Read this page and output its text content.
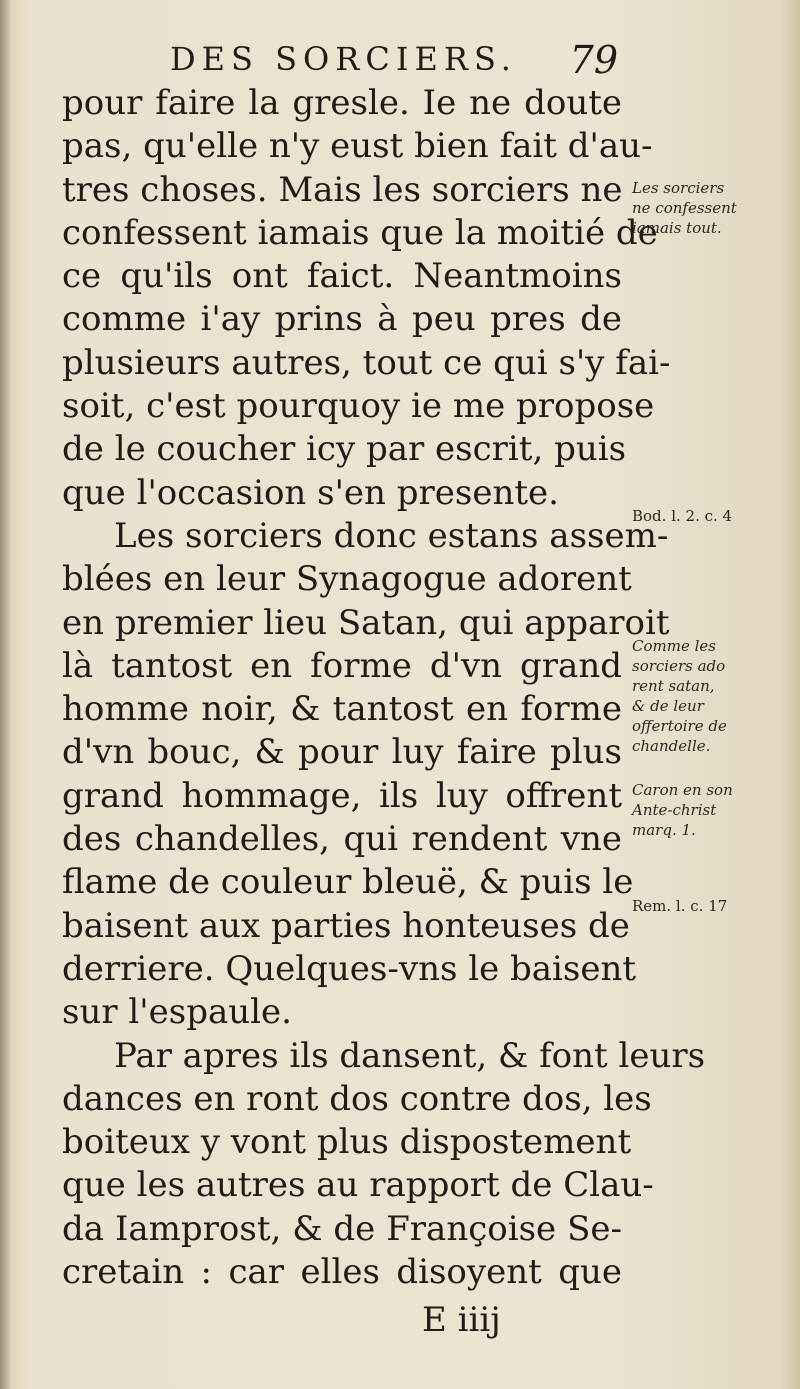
DES SORCIERS. 79
pour faire la gresle. Ie ne doute
pas, qu'elle n'y eust bien fait d'au-
tres choses. Mais les sorciers ne
confessent iamais que la moitié de
ce qu'ils ont faict. Neantmoins
comme i'ay prins à peu pres de
plusieurs autres, tout ce qui s'y fai-
soit, c'est pourquoy ie me propose
de le coucher icy par escrit, puis
que l'occasion s'en presente.
Les sorciers donc estans assem-
blées en leur Synagogue adorent
en premier lieu Satan, qui apparoit
là tantost en forme d'vn grand
homme noir, & tantost en forme
d'vn bouc, & pour luy faire plus
grand hommage, ils luy offrent
des chandelles, qui rendent vne
flame de couleur bleuë, & puis le
baisent aux parties honteuses de
derriere. Quelques-vns le baisent
sur l'espaule.
Par apres ils dansent, & font leurs
dances en ront dos contre dos, les
boiteux y vont plus dispostement
que les autres au rapport de Clau-
da Iamprost, & de Françoise Se-
cretain : car elles disoyent que
Les sorciers
ne confessent
iamais tout.
Bod. l. 2. c. 4
Comme les
sorciers ado
rent satan,
& de leur
offertoire de
chandelle.
Caron en son
Ante-christ
marq. 1.
Rem. l. c. 17
E iiij
